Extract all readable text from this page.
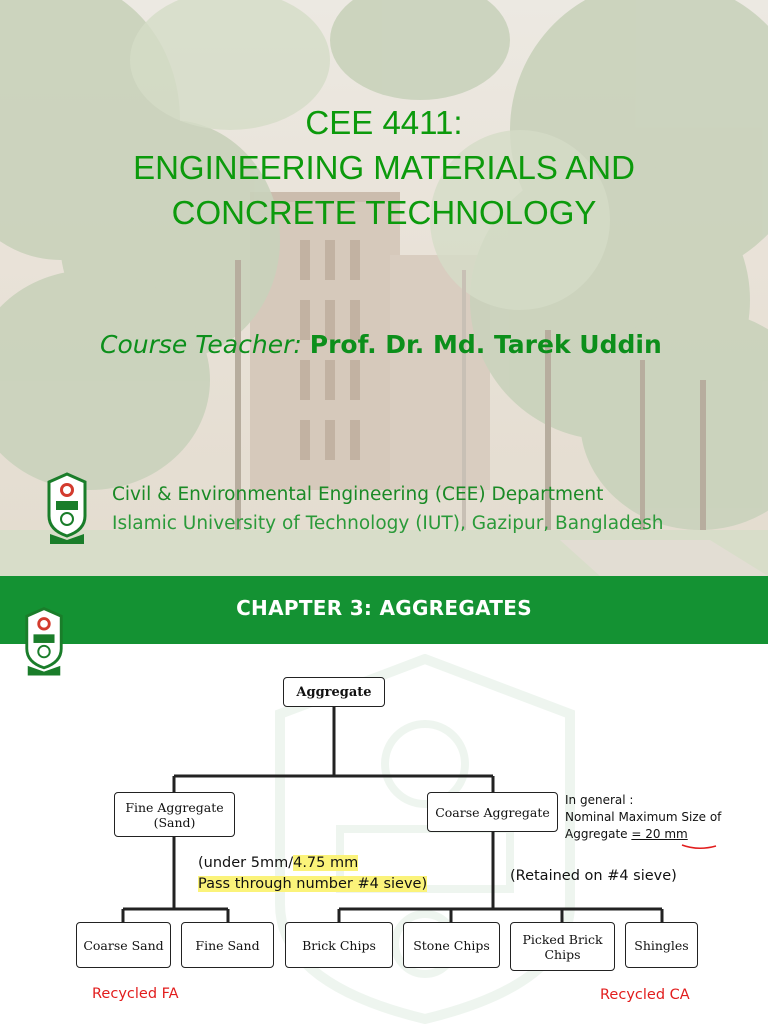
CEE 4411:
ENGINEERING MATERIALS AND
CONCRETE TECHNOLOGY
Course Teacher: Prof. Dr. Md. Tarek Uddin
Civil & Environmental Engineering (CEE) Department
Islamic University of Technology (IUT), Gazipur, Bangladesh
CHAPTER 3: AGGREGATES
Aggregate
Fine Aggregate
(Sand)
Coarse Aggregate
Coarse Sand	Fine Sand	Brick Chips	Stone Chips	Picked Brick
Chips
Shingles
In general :
Nominal Maximum Size of
Aggregate = 20 mm
(under 5mm/4.75 mm
Pass through number #4 sieve)	(Retained on #4 sieve)
Recycled FA	Recycled CA
